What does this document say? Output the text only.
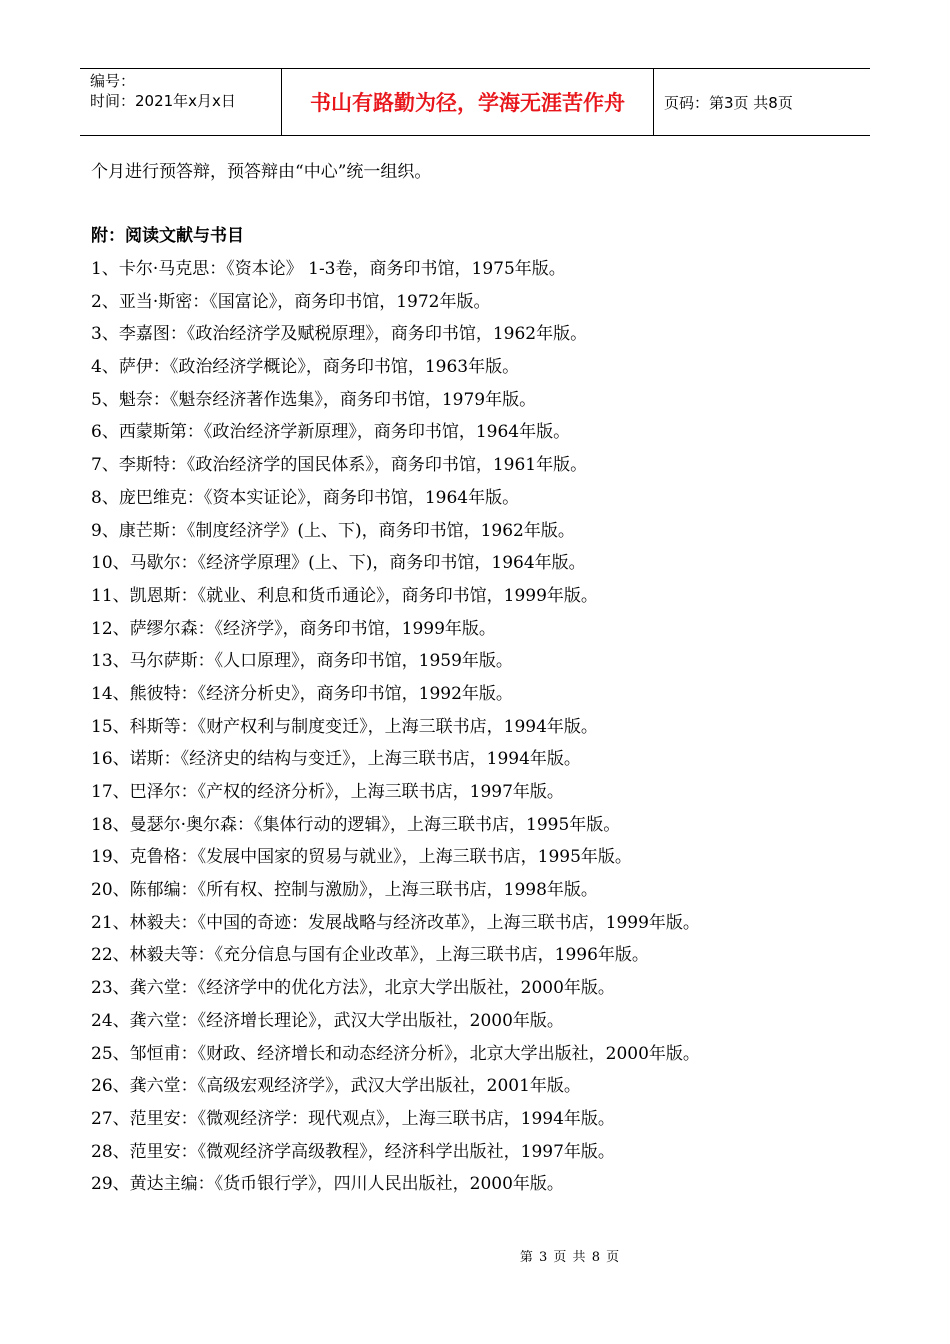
编号：
时间：2021年x月x日	书山有路勤为径，学海无涯苦作舟	页码：第3页 共8页
个月进行预答辩，预答辩由“中心”统一组织。
附：阅读文献与书目
1、卡尔·马克思：《资本论》 1-3卷，商务印书馆，1975年版。
2、亚当·斯密：《国富论》，商务印书馆，1972年版。
3、李嘉图：《政治经济学及赋税原理》，商务印书馆，1962年版。
4、萨伊：《政治经济学概论》，商务印书馆，1963年版。
5、魁奈：《魁奈经济著作选集》，商务印书馆，1979年版。
6、西蒙斯第：《政治经济学新原理》，商务印书馆，1964年版。
7、李斯特：《政治经济学的国民体系》，商务印书馆，1961年版。
8、庞巴维克：《资本实证论》，商务印书馆，1964年版。
9、康芒斯：《制度经济学》(上、下)，商务印书馆，1962年版。
10、马歇尔：《经济学原理》(上、下)，商务印书馆，1964年版。
11、凯恩斯：《就业、利息和货币通论》，商务印书馆，1999年版。
12、萨缪尔森：《经济学》，商务印书馆，1999年版。
13、马尔萨斯：《人口原理》，商务印书馆，1959年版。
14、熊彼特：《经济分析史》，商务印书馆，1992年版。
15、科斯等：《财产权利与制度变迁》，上海三联书店，1994年版。
16、诺斯：《经济史的结构与变迁》，上海三联书店，1994年版。
17、巴泽尔：《产权的经济分析》，上海三联书店，1997年版。
18、曼瑟尔·奥尔森：《集体行动的逻辑》，上海三联书店，1995年版。
19、克鲁格：《发展中国家的贸易与就业》，上海三联书店，1995年版。
20、陈郁编：《所有权、控制与激励》，上海三联书店，1998年版。
21、林毅夫：《中国的奇迹：发展战略与经济改革》，上海三联书店，1999年版。
22、林毅夫等：《充分信息与国有企业改革》，上海三联书店，1996年版。
23、龚六堂：《经济学中的优化方法》，北京大学出版社，2000年版。
24、龚六堂：《经济增长理论》，武汉大学出版社，2000年版。
25、邹恒甫：《财政、经济增长和动态经济分析》，北京大学出版社，2000年版。
26、龚六堂：《高级宏观经济学》，武汉大学出版社，2001年版。
27、范里安：《微观经济学：现代观点》，上海三联书店，1994年版。
28、范里安：《微观经济学高级教程》，经济科学出版社，1997年版。
29、黄达主编：《货币银行学》，四川人民出版社，2000年版。
第 3 页 共 8 页
